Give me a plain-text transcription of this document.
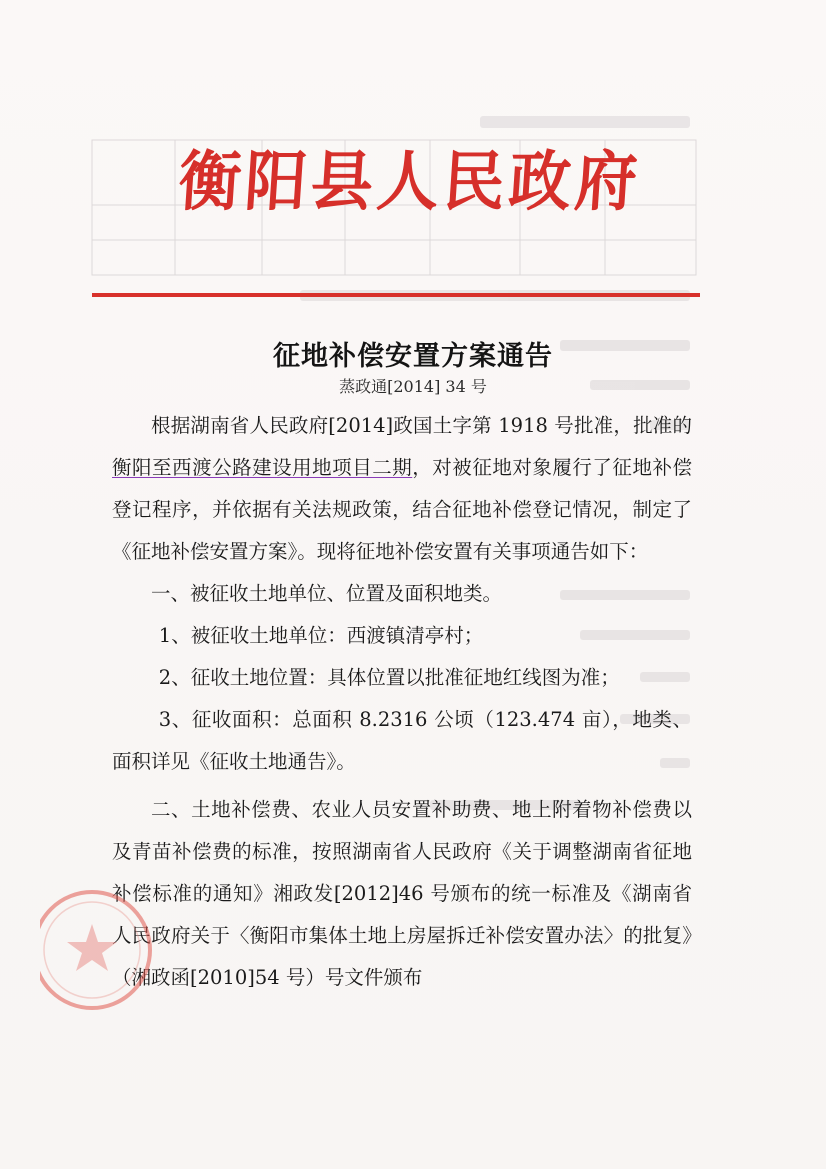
衡阳县人民政府
征地补偿安置方案通告

蒸政通[2014] 34 号

根据湖南省人民政府[2014]政国土字第 1918 号批准，批准的衡阳至西渡公路建设用地项目二期，对被征地对象履行了征地补偿登记程序，并依据有关法规政策，结合征地补偿登记情况，制定了《征地补偿安置方案》。现将征地补偿安置有关事项通告如下：

一、被征收土地单位、位置及面积地类。

1、被征收土地单位：西渡镇清亭村；

2、征收土地位置：具体位置以批准征地红线图为准；

3、征收面积：总面积 8.2316 公顷（123.474 亩），地类、面积详见《征收土地通告》。

二、土地补偿费、农业人员安置补助费、地上附着物补偿费以及青苗补偿费的标准，按照湖南省人民政府《关于调整湖南省征地补偿标准的通知》湘政发[2012]46 号颁布的统一标准及《湖南省人民政府关于〈衡阳市集体土地上房屋拆迁补偿安置办法〉的批复》（湘政函[2010]54 号）号文件颁布
